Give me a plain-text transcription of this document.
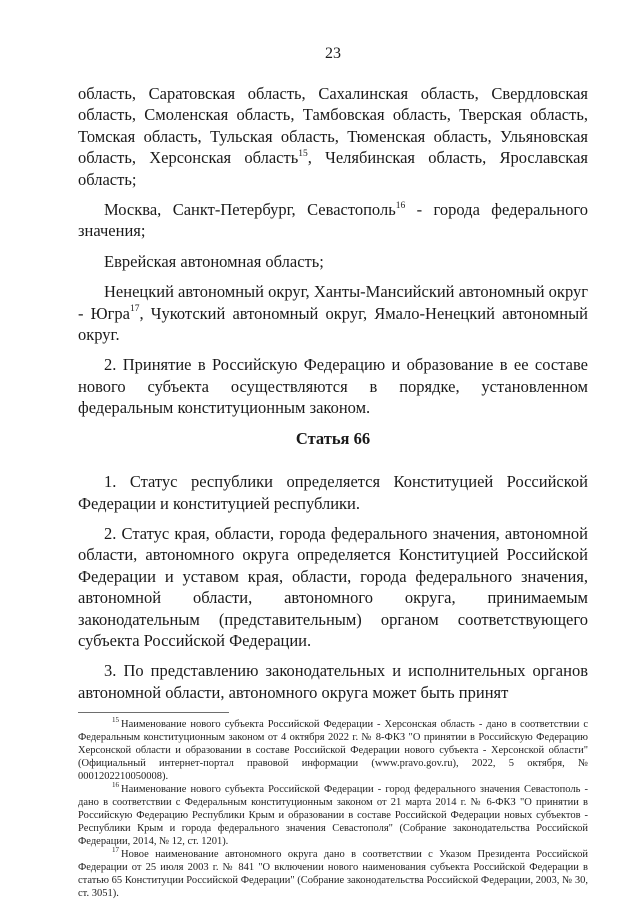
23

область, Саратовская область, Сахалинская область, Свердловская область, Смоленская область, Тамбовская область, Тверская область, Томская область, Тульская область, Тюменская область, Ульяновская область, Херсонская область$^{15}$, Челябинская область, Ярославская область;

Москва, Санкт-Петербург, Севастополь$^{16}$ - города федерального значения;

Еврейская автономная область;

Ненецкий автономный округ, Ханты-Мансийский автономный округ - Югра$^{17}$, Чукотский автономный округ, Ямало-Ненецкий автономный округ.

2. Принятие в Российскую Федерацию и образование в ее составе нового субъекта осуществляются в порядке, установленном федеральным конституционным законом.

Статья 66

1. Статус республики определяется Конституцией Российской Федерации и конституцией республики.

2. Статус края, области, города федерального значения, автономной области, автономного округа определяется Конституцией Российской Федерации и уставом края, области, города федерального значения, автономной области, автономного округа, принимаемым законодательным (представительным) органом соответствующего субъекта Российской Федерации.

3. По представлению законодательных и исполнительных органов автономной области, автономного округа может быть принят

$^{15}$ Наименование нового субъекта Российской Федерации - Херсонская область - дано в соответствии с Федеральным конституционным законом от 4 октября 2022 г. № 8-ФКЗ "О принятии в Российскую Федерацию Херсонской области и образовании в составе Российской Федерации нового субъекта - Херсонской области" (Официальный интернет-портал правовой информации (www.pravo.gov.ru), 2022, 5 октября, № 0001202210050008).

$^{16}$ Наименование нового субъекта Российской Федерации - город федерального значения Севастополь - дано в соответствии с Федеральным конституционным законом от 21 марта 2014 г. № 6-ФКЗ "О принятии в Российскую Федерацию Республики Крым и образовании в составе Российской Федерации новых субъектов - Республики Крым и города федерального значения Севастополя" (Собрание законодательства Российской Федерации, 2014, № 12, ст. 1201).

$^{17}$ Новое наименование автономного округа дано в соответствии с Указом Президента Российской Федерации от 25 июля 2003 г. № 841 "О включении нового наименования субъекта Российской Федерации в статью 65 Конституции Российской Федерации" (Собрание законодательства Российской Федерации, 2003, № 30, ст. 3051).
